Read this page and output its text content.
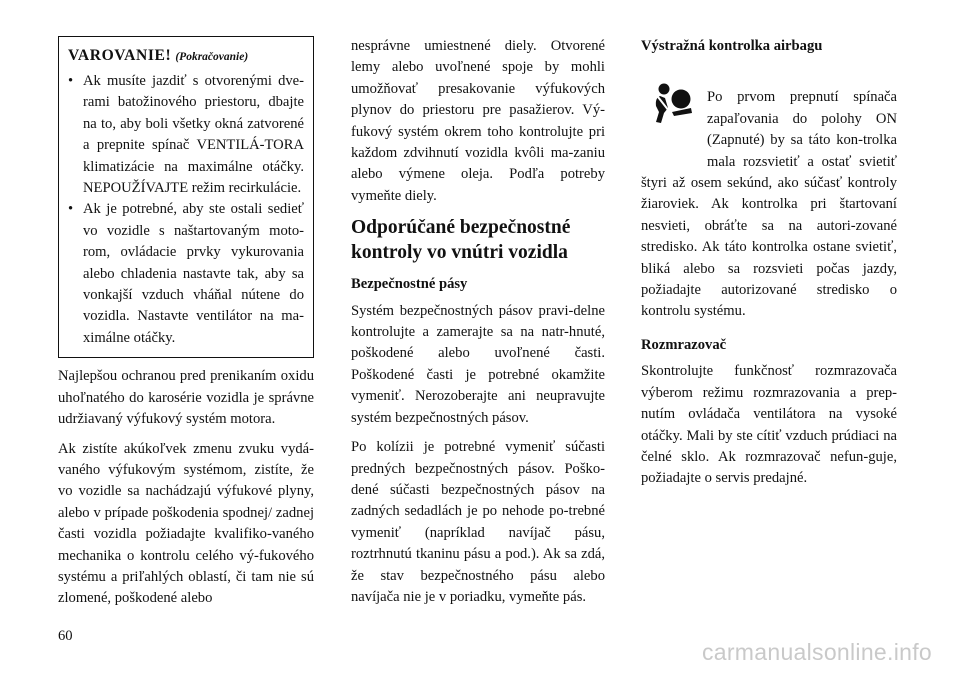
VAROVANIE! (Pokračovanie)
• Ak musíte jazdiť s otvorenými dve-rami batožinového priestoru, dbajte na to, aby boli všetky okná zatvorené a prepnite spínač VENTILÁ-TORA klimatizácie na maximálne otáčky. NEPOUŽÍVAJTE režim recirkulácie.
• Ak je potrebné, aby ste ostali sedieť vo vozidle s naštartovaným moto-rom, ovládacie prvky vykurovania alebo chladenia nastavte tak, aby sa vonkajší vzduch vháňal nútene do vozidla. Nastavte ventilátor na ma-ximálne otáčky.

Najlepšou ochranou pred prenikaním oxidu uhoľnatého do karosérie vozidla je správne udržiavaný výfukový systém motora.

Ak zistíte akúkoľvek zmenu zvuku vydá-vaného výfukovým systémom, zistíte, že vo vozidle sa nachádzajú výfukové plyny, alebo v prípade poškodenia spodnej/ zadnej časti vozidla požiadajte kvalifiko-vaného mechanika o kontrolu celého vý-fukového systému a priľahlých oblastí, či tam nie sú zlomené, poškodené alebo

nesprávne umiestnené diely. Otvorené lemy alebo uvoľnené spoje by mohli umožňovať presakovanie výfukových plynov do priestoru pre pasažierov. Vý-fukový systém okrem toho kontrolujte pri každom zdvihnutí vozidla kvôli ma-zaniu alebo výmene oleja. Podľa potreby vymeňte diely.

Odporúčané bezpečnostné kontroly vo vnútri vozidla
Bezpečnostné pásy

Systém bezpečnostných pásov pravi-delne kontrolujte a zamerajte sa na natr-hnuté, poškodené alebo uvoľnené časti. Poškodené časti je potrebné okamžite vymeniť. Nerozoberajte ani neupravujte systém bezpečnostných pásov.

Po kolízii je potrebné vymeniť súčasti predných bezpečnostných pásov. Poško-dené súčasti bezpečnostných pásov na zadných sedadlách je po nehode po-trebné vymeniť (napríklad navíjač pásu, roztrhnutú tkaninu pásu a pod.). Ak sa zdá, že stav bezpečnostného pásu alebo navíjača nie je v poriadku, vymeňte pás.

Výstražná kontrolka airbagu

Po prvom prepnutí spínača zapaľovania do polohy ON (Zapnuté) by sa táto kon-trolka mala rozsvietiť a ostať svietiť štyri až osem sekúnd, ako súčasť kontroly žiaroviek. Ak kontrolka pri štartovaní nesvieti, obráťte sa na autori-zované stredisko. Ak táto kontrolka ostane svietiť, bliká alebo sa rozsvieti počas jazdy, požiadajte autorizované stredisko o kontrolu systému.

Rozmrazovač

Skontrolujte funkčnosť rozmrazovača výberom režimu rozmrazovania a prep-nutím ovládača ventilátora na vysoké otáčky. Mali by ste cítiť vzduch prúdiaci na čelné sklo. Ak rozmrazovač nefun-guje, požiadajte o servis predajné.

60
carmanualsonline.info
